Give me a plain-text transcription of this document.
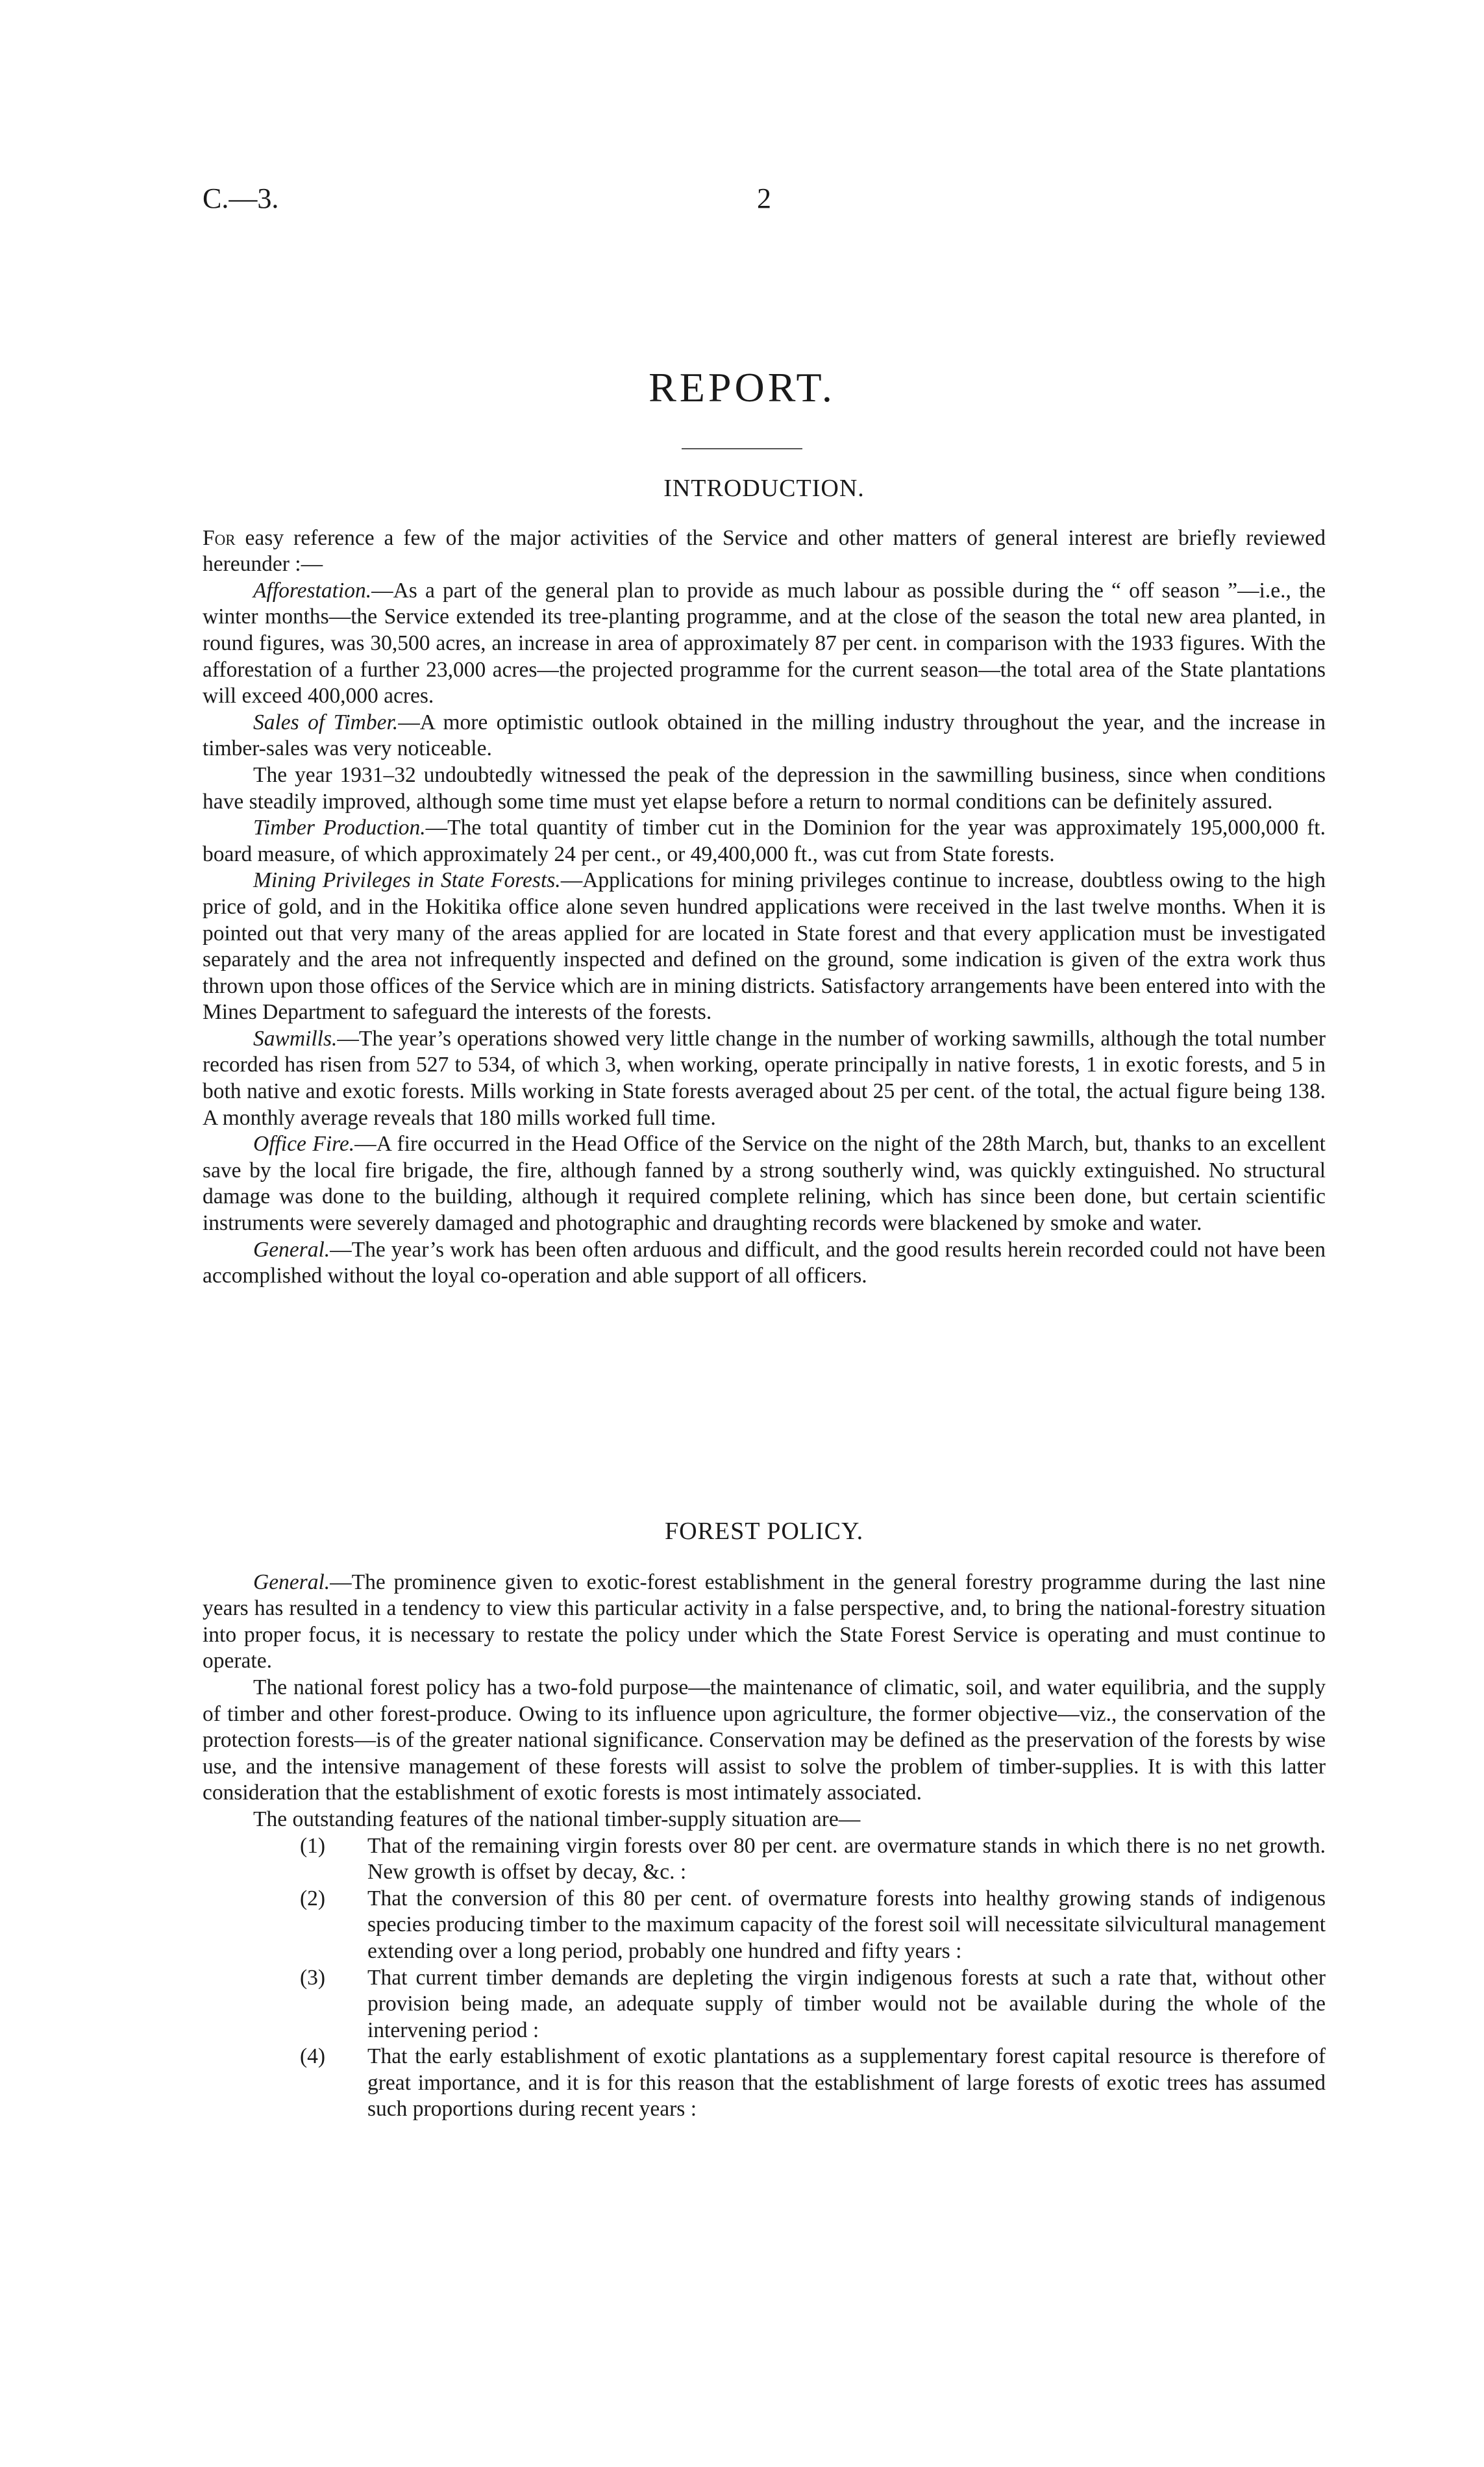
C.—3.	2
REPORT.
INTRODUCTION.

For easy reference a few of the major activities of the Service and other matters of general interest are briefly reviewed hereunder :—

Afforestation.—As a part of the general plan to provide as much labour as possible during the “ off season ”—i.e., the winter months—the Service extended its tree-planting programme, and at the close of the season the total new area planted, in round figures, was 30,500 acres, an increase in area of approximately 87 per cent. in comparison with the 1933 figures. With the afforestation of a further 23,000 acres—the projected programme for the current season—the total area of the State plantations will exceed 400,000 acres.

Sales of Timber.—A more optimistic outlook obtained in the milling industry throughout the year, and the increase in timber-sales was very noticeable.

The year 1931–32 undoubtedly witnessed the peak of the depression in the sawmilling business, since when conditions have steadily improved, although some time must yet elapse before a return to normal conditions can be definitely assured.

Timber Production.—The total quantity of timber cut in the Dominion for the year was approximately 195,000,000 ft. board measure, of which approximately 24 per cent., or 49,400,000 ft., was cut from State forests.

Mining Privileges in State Forests.—Applications for mining privileges continue to increase, doubtless owing to the high price of gold, and in the Hokitika office alone seven hundred applications were received in the last twelve months. When it is pointed out that very many of the areas applied for are located in State forest and that every application must be investigated separately and the area not infrequently inspected and defined on the ground, some indication is given of the extra work thus thrown upon those offices of the Service which are in mining districts. Satisfactory arrangements have been entered into with the Mines Department to safeguard the interests of the forests.

Sawmills.—The year’s operations showed very little change in the number of working sawmills, although the total number recorded has risen from 527 to 534, of which 3, when working, operate principally in native forests, 1 in exotic forests, and 5 in both native and exotic forests. Mills working in State forests averaged about 25 per cent. of the total, the actual figure being 138. A monthly average reveals that 180 mills worked full time.

Office Fire.—A fire occurred in the Head Office of the Service on the night of the 28th March, but, thanks to an excellent save by the local fire brigade, the fire, although fanned by a strong southerly wind, was quickly extinguished. No structural damage was done to the building, although it required complete relining, which has since been done, but certain scientific instruments were severely damaged and photographic and draughting records were blackened by smoke and water.

General.—The year’s work has been often arduous and difficult, and the good results herein recorded could not have been accomplished without the loyal co-operation and able support of all officers.

FOREST POLICY.

General.—The prominence given to exotic-forest establishment in the general forestry programme during the last nine years has resulted in a tendency to view this particular activity in a false perspective, and, to bring the national-forestry situation into proper focus, it is necessary to restate the policy under which the State Forest Service is operating and must continue to operate.

The national forest policy has a two-fold purpose—the maintenance of climatic, soil, and water equilibria, and the supply of timber and other forest-produce. Owing to its influence upon agriculture, the former objective—viz., the conservation of the protection forests—is of the greater national significance. Conservation may be defined as the preservation of the forests by wise use, and the intensive management of these forests will assist to solve the problem of timber-supplies. It is with this latter consideration that the establishment of exotic forests is most intimately associated.

The outstanding features of the national timber-supply situation are—

(1) That of the remaining virgin forests over 80 per cent. are overmature stands in which there is no net growth. New growth is offset by decay, &c. :
(2) That the conversion of this 80 per cent. of overmature forests into healthy growing stands of indigenous species producing timber to the maximum capacity of the forest soil will necessitate silvicultural management extending over a long period, probably one hundred and fifty years :
(3) That current timber demands are depleting the virgin indigenous forests at such a rate that, without other provision being made, an adequate supply of timber would not be available during the whole of the intervening period :
(4) That the early establishment of exotic plantations as a supplementary forest capital resource is therefore of great importance, and it is for this reason that the establishment of large forests of exotic trees has assumed such proportions during recent years :
